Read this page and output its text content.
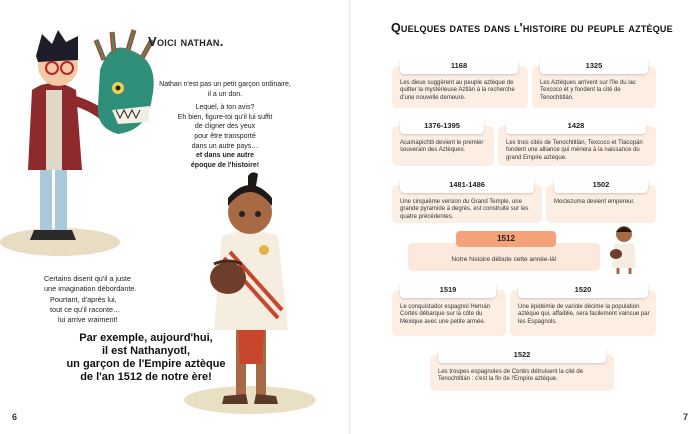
Voici nathan.

Nathan n'est pas un petit garçon ordinaire,
il a un don.

Lequel, à ton avis?
Eh bien, figure-toi qu'il lui suffit
de cligner des yeux
pour être transporté
dans un autre pays…
et dans une autre
époque de l'histoire!

Certains disent qu'il a juste
une imagination débordante.
Pourtant, d'après lui,
tout ce qu'il raconte…
lui arrive vraiment!
Par exemple, aujourd'hui,
il est Nathanyotl,
un garçon de l'Empire aztèque
de l'an 1512 de notre ère!
6
Quelques dates dans l'histoire du peuple aztèque
1168
Les dieux suggèrent au peuple aztèque de quitter la mystérieuse Aztlán à la recherche d'une nouvelle demeure.
1325
Les Aztèques arrivent sur l'île du lac Texcoco et y fondent la cité de Tenochtitlán.
1376-1395
Acamapichtli devient le premier souverain des Aztèques.
1428
Les trois cités de Tenochtitlán, Texcoco et Tlacopán fondent une alliance qui mènera à la naissance du grand Empire aztèque.
1481-1486
Une cinquième version du Grand Temple, une grande pyramide à degrés, est construite sur les quatre précédentes.
1502
Moctezuma devient empereur.
1512
Notre histoire débute cette année-là!
1519
Le conquistador espagnol Hernán Cortés débarque sur la côte du Mexique avec une petite armée.
1520
Une épidémie de variole décime la population aztèque qui, affaiblie, sera facilement vaincue par les Espagnols.
1522
Les troupes espagnoles de Cortés détruisent la cité de Tenochtitlán : c'est la fin de l'Empire aztèque.
7
